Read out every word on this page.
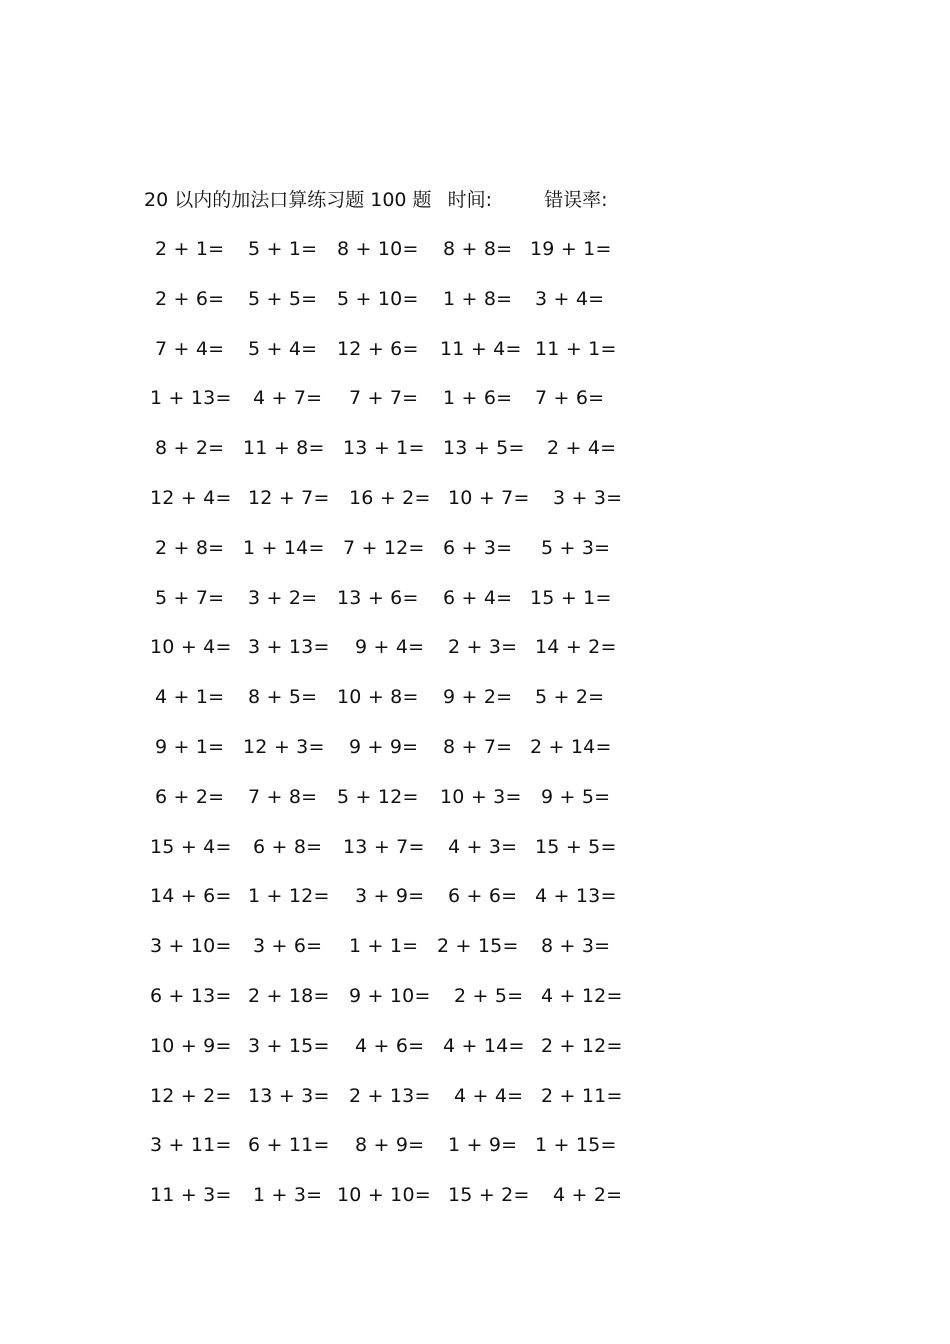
20 以内的加法口算练习题 100 题 时间:	错误率:
2 + 1= 5 + 1= 8 + 10= 8 + 8= 19 + 1=
2 + 6= 5 + 5= 5 + 10= 1 + 8= 3 + 4=
7 + 4= 5 + 4= 12 + 6= 11 + 4= 11 + 1=
1 + 13= 4 + 7= 7 + 7= 1 + 6= 7 + 6=
8 + 2= 11 + 8= 13 + 1= 13 + 5= 2 + 4=
12 + 4= 12 + 7= 16 + 2= 10 + 7= 3 + 3=
2 + 8= 1 + 14= 7 + 12= 6 + 3= 5 + 3=
5 + 7= 3 + 2= 13 + 6= 6 + 4= 15 + 1=
10 + 4= 3 + 13= 9 + 4= 2 + 3= 14 + 2=
4 + 1= 8 + 5= 10 + 8= 9 + 2= 5 + 2=
9 + 1= 12 + 3= 9 + 9= 8 + 7= 2 + 14=
6 + 2= 7 + 8= 5 + 12= 10 + 3= 9 + 5=
15 + 4= 6 + 8= 13 + 7= 4 + 3= 15 + 5=
14 + 6= 1 + 12= 3 + 9= 6 + 6= 4 + 13=
3 + 10= 3 + 6= 1 + 1= 2 + 15= 8 + 3=
6 + 13= 2 + 18= 9 + 10= 2 + 5= 4 + 12=
10 + 9= 3 + 15= 4 + 6= 4 + 14= 2 + 12=
12 + 2= 13 + 3= 2 + 13= 4 + 4= 2 + 11=
3 + 11= 6 + 11= 8 + 9= 1 + 9= 1 + 15=
11 + 3= 1 + 3= 10 + 10= 15 + 2= 4 + 2=
